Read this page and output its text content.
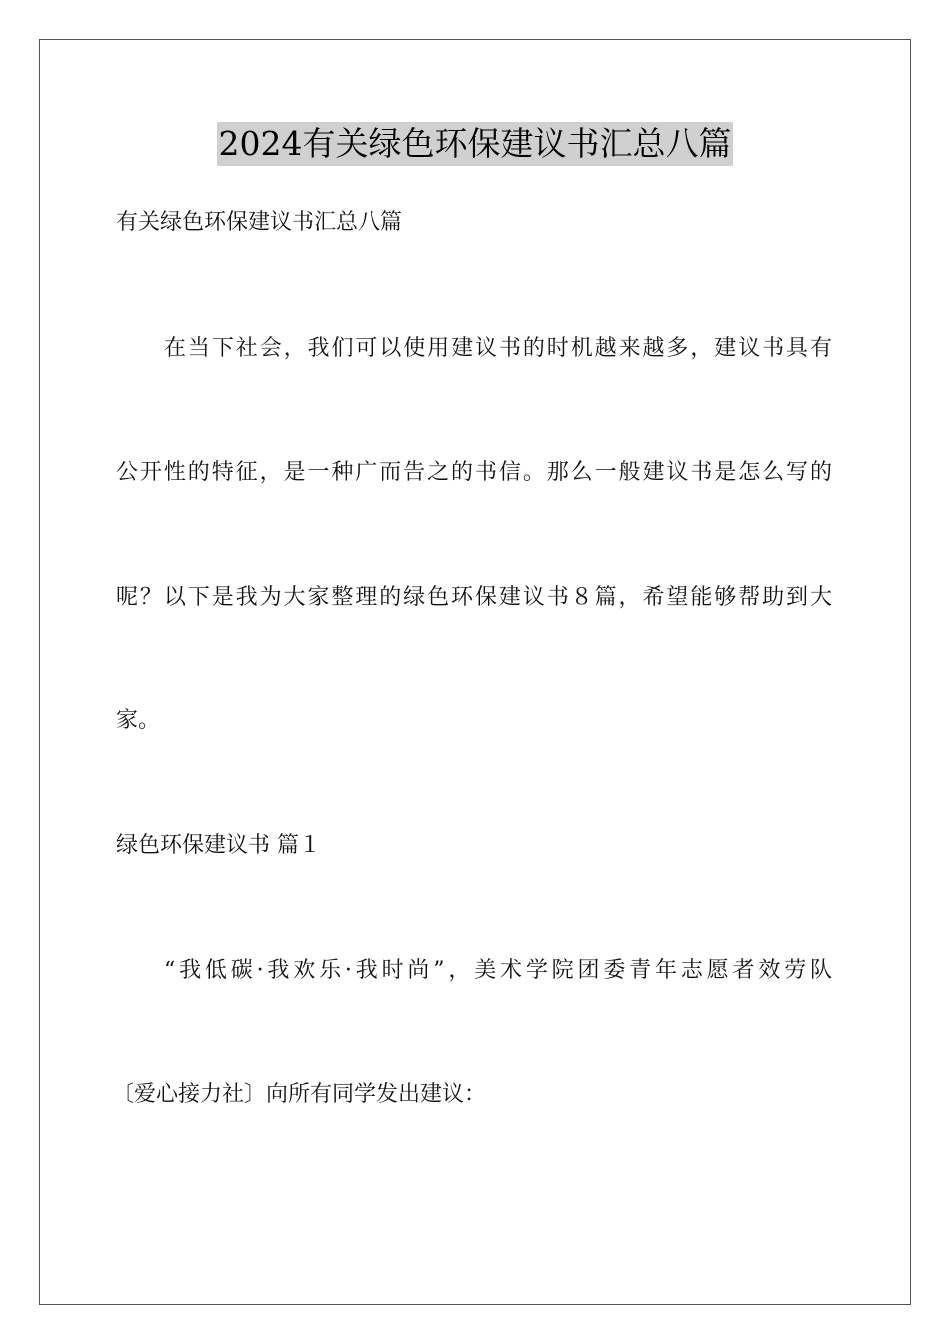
2024有关绿色环保建议书汇总八篇
有关绿色环保建议书汇总八篇
在当下社会，我们可以使用建议书的时机越来越多，建议书具有
公开性的特征，是一种广而告之的书信。那么一般建议书是怎么写的
呢？以下是我为大家整理的绿色环保建议书８篇，希望能够帮助到大
家。
绿色环保建议书 篇１
“我低碳·我欢乐·我时尚”，美术学院团委青年志愿者效劳队
〔爱心接力社〕向所有同学发出建议：
